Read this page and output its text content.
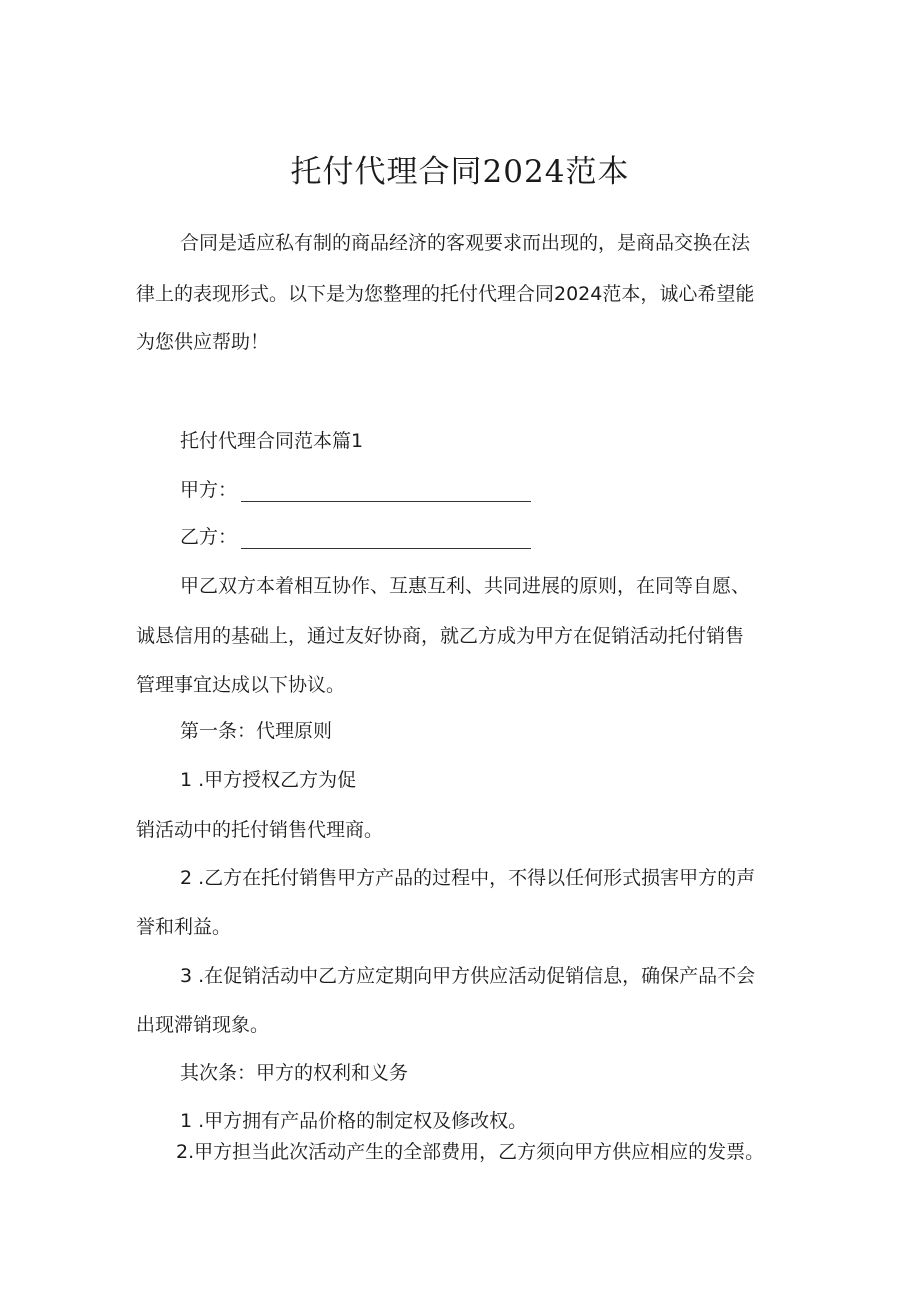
托付代理合同2024范本

合同是适应私有制的商品经济的客观要求而出现的，是商品交换在法

律上的表现形式。以下是为您整理的托付代理合同2024范本，诚心希望能

为您供应帮助！

托付代理合同范本篇1

甲方：
乙方：

甲乙双方本着相互协作、互惠互利、共同进展的原则，在同等自愿、

诚恳信用的基础上，通过友好协商，就乙方成为甲方在促销活动托付销售

管理事宜达成以下协议。

第一条：代理原则

1 .甲方授权乙方为促

销活动中的托付销售代理商。

2 .乙方在托付销售甲方产品的过程中，不得以任何形式损害甲方的声

誉和利益。

3 .在促销活动中乙方应定期向甲方供应活动促销信息，确保产品不会

出现滞销现象。

其次条：甲方的权利和义务

1 .甲方拥有产品价格的制定权及修改权。

2.甲方担当此次活动产生的全部费用，乙方须向甲方供应相应的发票。
